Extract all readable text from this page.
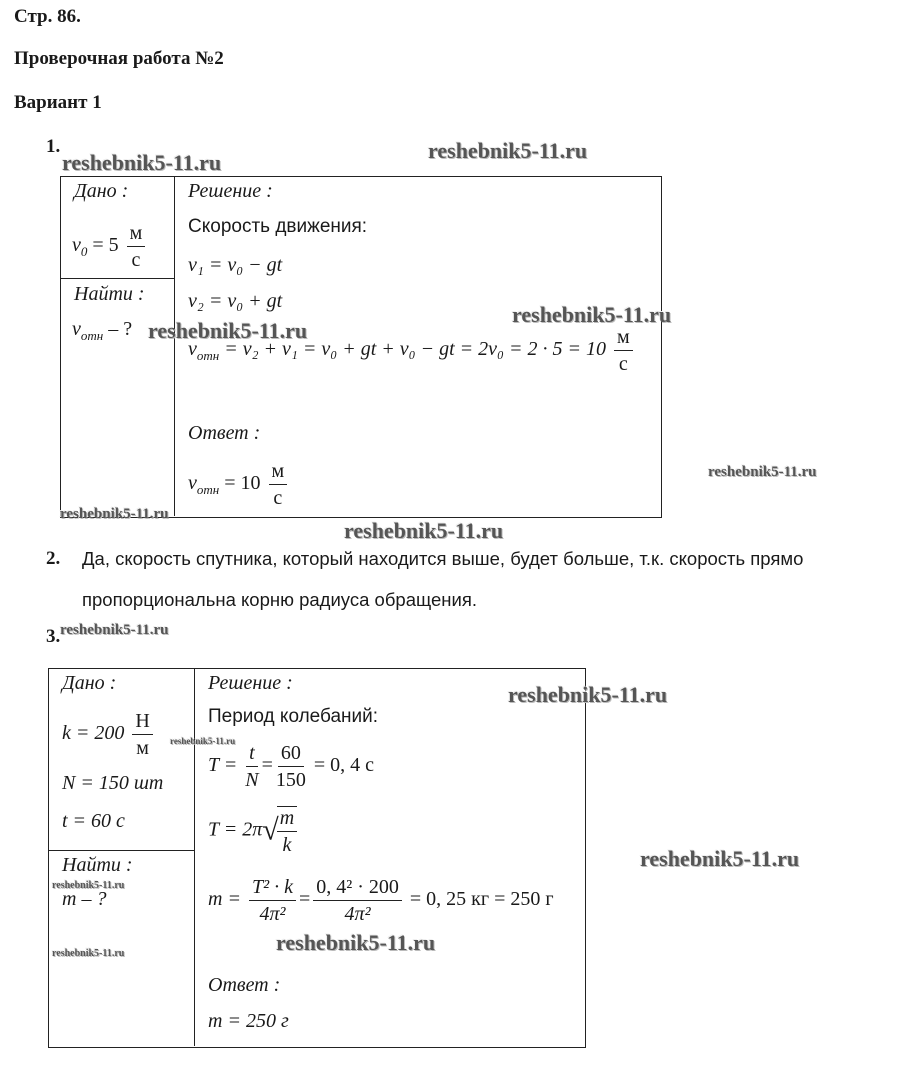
Стр. 86.
Проверочная работа №2
Вариант 1
1.
Дано :
$v_0 = 5 \frac{м}{с}$
Найти :
$v_{отн}$ – ?
Решение :
Скорость движения:
v₁ = v₀ − gt
v₂ = v₀ + gt
$v_{отн} = v_2 + v_1 = v_0$ + gt + v₀ − gt = $2v_0 = 2 \cdot 5 = 10 \frac{м}{с}$
Ответ :
$v_{отн} = 10 \frac{м}{с}$
2. Да, скорость спутника, который находится выше, будет больше, т.к. скорость прямо
пропорциональна корню радиуса обращения.
3.
Дано :
$k = 200 \frac{Н}{м}$
N = 150 шт
t = 60 с
Найти :
m – ?
Решение :
Период колебаний:
$T = \frac{t}{N} = \frac{60}{150} = 0$, 4 с
T = 2π√
$\frac{m}{k}$
$m = \frac{\text{T² · k}}{\text{4π²}} = \frac{\text{0, 4² · 200}}{\text{4π²}} = 0$, 25 кг = 250 г
Ответ :
m = 250 г
reshebnik5-11.ru	reshebnik5-11.ru
reshebnik5-11.ru
reshebnik5-11.ru
reshebnik5-11.ru
reshebnik5-11.ru
reshebnik5-11.ru
reshebnik5-11.ru
reshebnik5-11.ru
reshebnik5-11.ru
reshebnik5-11.ru
reshebnik5-11.ru
reshebnik5-11.ru
reshebnik5-11.ru
